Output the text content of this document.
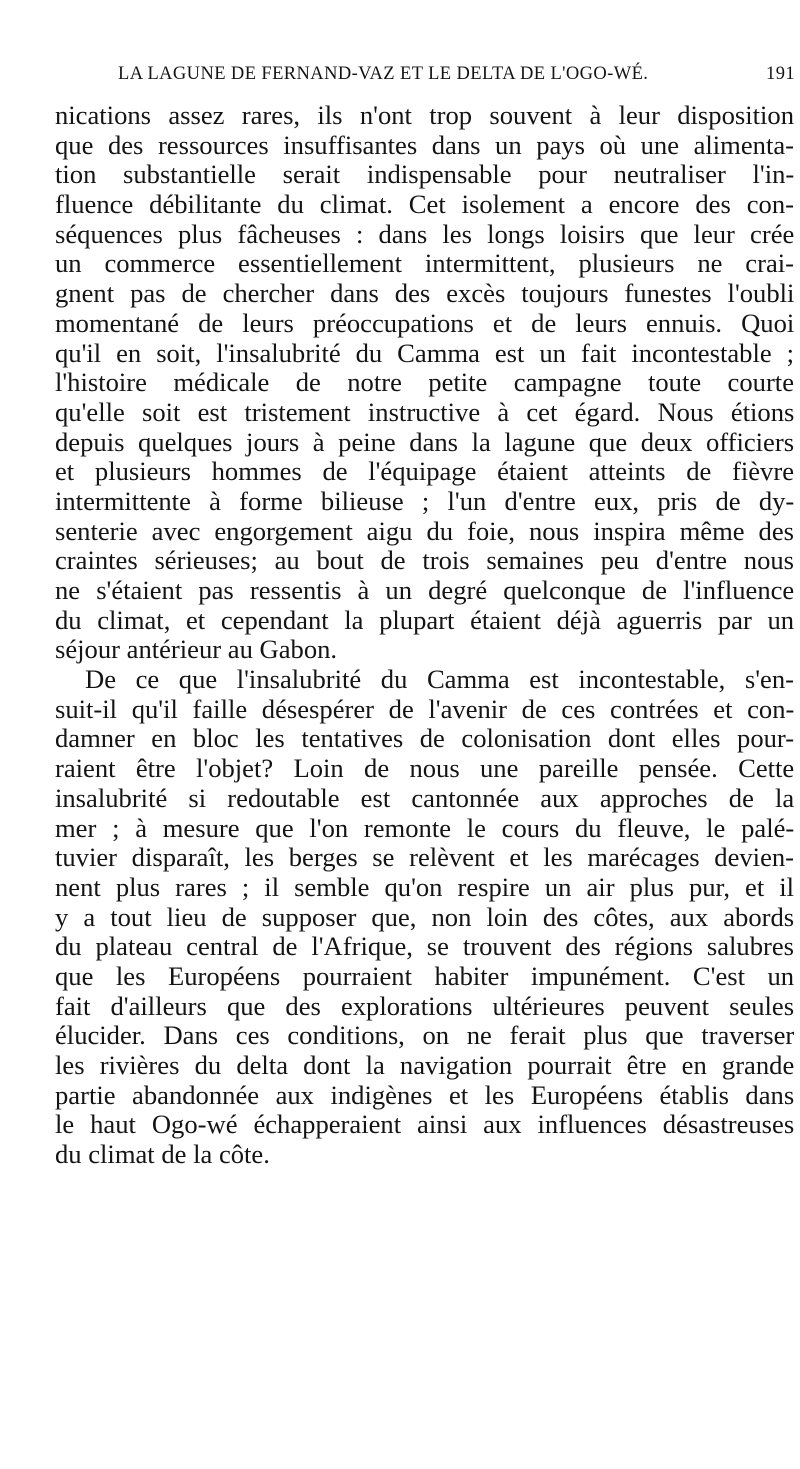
LA LAGUNE DE FERNAND-VAZ ET LE DELTA DE L'OGO-WÉ.	191

nications assez rares, ils n'ont trop souvent à leur disposition
que des ressources insuffisantes dans un pays où une alimenta-
tion substantielle serait indispensable pour neutraliser l'in-
fluence débilitante du climat. Cet isolement a encore des con-
séquences plus fâcheuses : dans les longs loisirs que leur crée
un commerce essentiellement intermittent, plusieurs ne crai-
gnent pas de chercher dans des excès toujours funestes l'oubli
momentané de leurs préoccupations et de leurs ennuis. Quoi
qu'il en soit, l'insalubrité du Camma est un fait incontestable ;
l'histoire médicale de notre petite campagne toute courte
qu'elle soit est tristement instructive à cet égard. Nous étions
depuis quelques jours à peine dans la lagune que deux officiers
et plusieurs hommes de l'équipage étaient atteints de fièvre
intermittente à forme bilieuse ; l'un d'entre eux, pris de dy-
senterie avec engorgement aigu du foie, nous inspira même des
craintes sérieuses; au bout de trois semaines peu d'entre nous
ne s'étaient pas ressentis à un degré quelconque de l'influence
du climat, et cependant la plupart étaient déjà aguerris par un
séjour antérieur au Gabon.

De ce que l'insalubrité du Camma est incontestable, s'en-
suit-il qu'il faille désespérer de l'avenir de ces contrées et con-
damner en bloc les tentatives de colonisation dont elles pour-
raient être l'objet? Loin de nous une pareille pensée. Cette
insalubrité si redoutable est cantonnée aux approches de la
mer ; à mesure que l'on remonte le cours du fleuve, le palé-
tuvier disparaît, les berges se relèvent et les marécages devien-
nent plus rares ; il semble qu'on respire un air plus pur, et il
y a tout lieu de supposer que, non loin des côtes, aux abords
du plateau central de l'Afrique, se trouvent des régions salubres
que les Européens pourraient habiter impunément. C'est un
fait d'ailleurs que des explorations ultérieures peuvent seules
élucider. Dans ces conditions, on ne ferait plus que traverser
les rivières du delta dont la navigation pourrait être en grande
partie abandonnée aux indigènes et les Européens établis dans
le haut Ogo-wé échapperaient ainsi aux influences désastreuses
du climat de la côte.
